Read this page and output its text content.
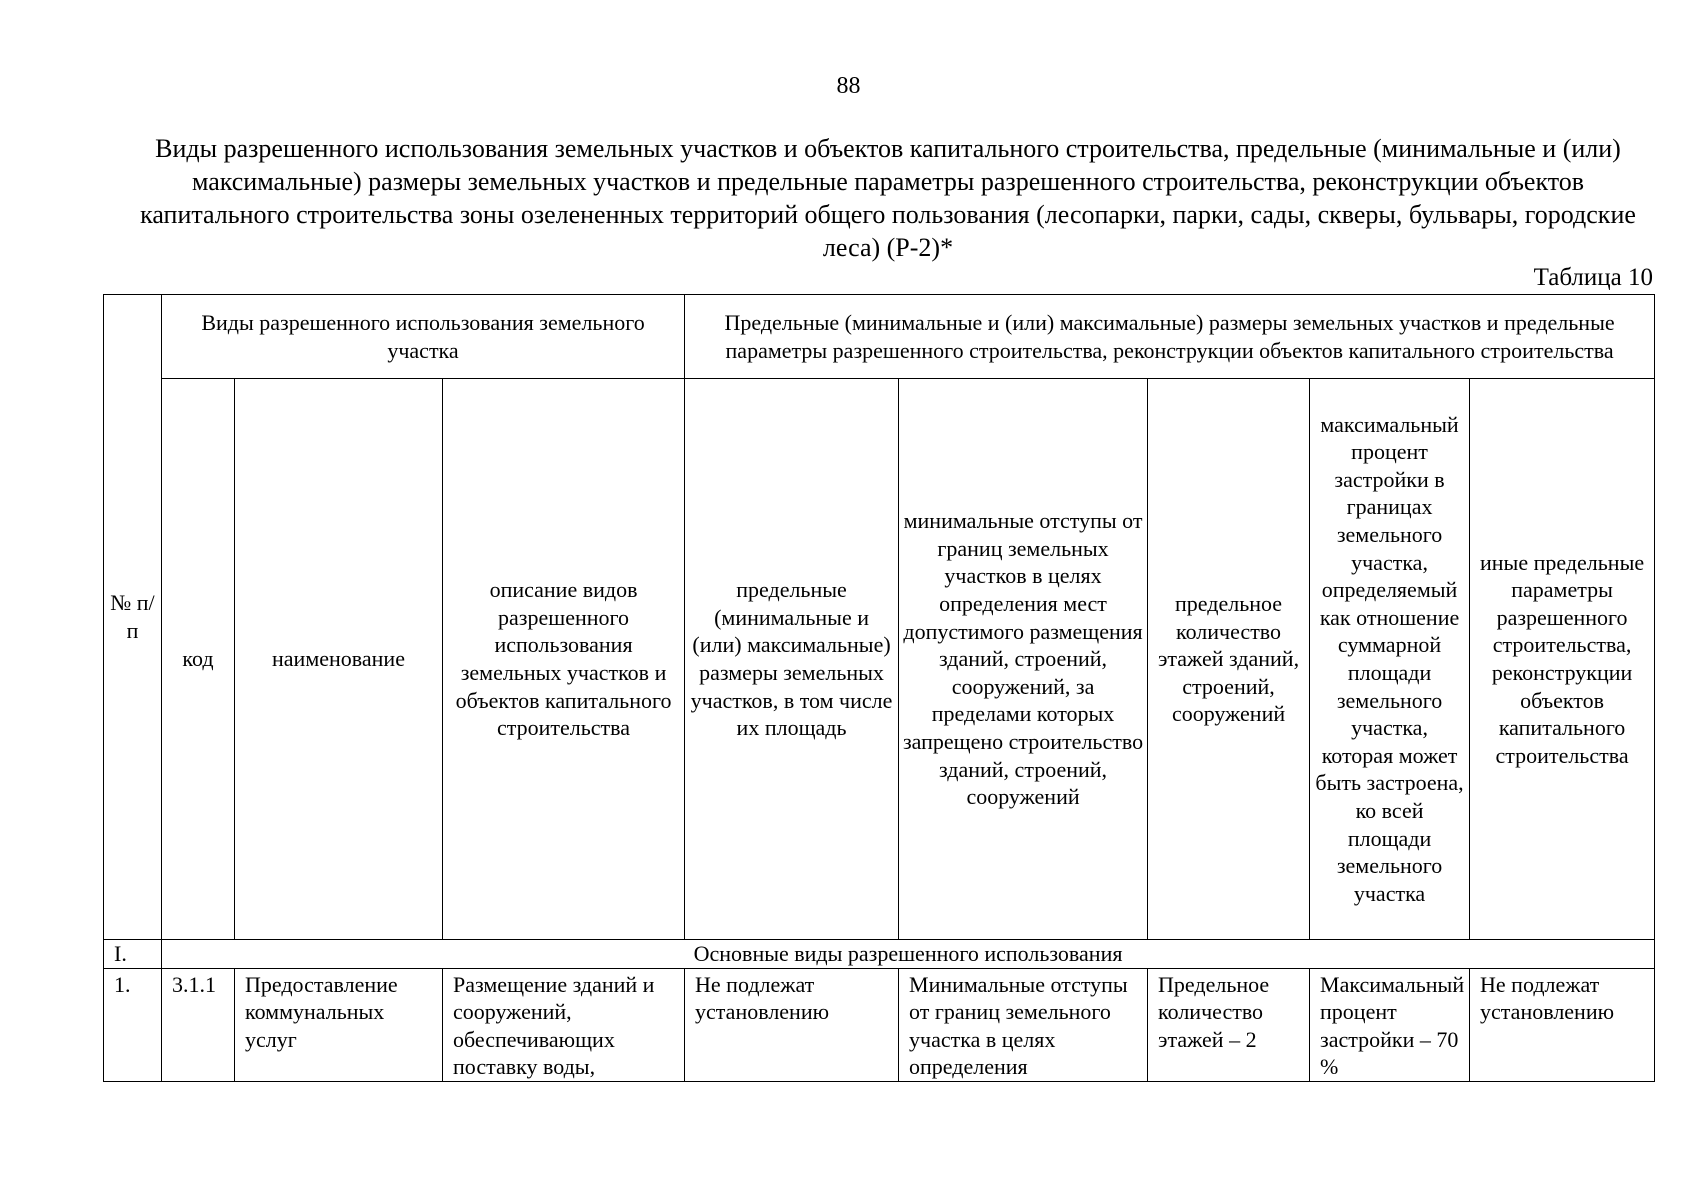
88
Виды разрешенного использования земельных участков и объектов капитального строительства, предельные (минимальные и (или) максимальные) размеры земельных участков и предельные параметры разрешенного строительства, реконструкции объектов капитального строительства зоны озелененных территорий общего пользования (лесопарки, парки, сады, скверы, бульвары, городские леса) (Р-2)*
Таблица 10
№ п/п	Виды разрешенного использования земельного участка			Предельные (минимальные и (или) максимальные) размеры земельных участков и предельные параметры разрешенного строительства, реконструкции объектов капитального строительства				
	код	наименование	описание видов разрешенного использования земельных участков и объектов капитального строительства	предельные (минимальные и (или) максимальные) размеры земельных участков, в том числе их площадь	минимальные отступы от границ земельных участков в целях определения мест допустимого размещения зданий, строений, сооружений, за пределами которых запрещено строительство зданий, строений, сооружений	предельное количество этажей зданий, строений, сооружений	максимальный процент застройки в границах земельного участка, определяемый как отношение суммарной площади земельного участка, которая может быть застроена, ко всей площади земельного участка	иные предельные параметры разрешенного строительства, реконструкции объектов капитального строительства
I.	Основные виды разрешенного использования							
1.	3.1.1	Предоставление коммунальных услуг	Размещение зданий и сооружений, обеспечивающих поставку воды,	Не подлежат установлению	Минимальные отступы от границ земельного участка в целях определения	Предельное количество этажей – 2	Максимальный процент застройки – 70 %	Не подлежат установлению
